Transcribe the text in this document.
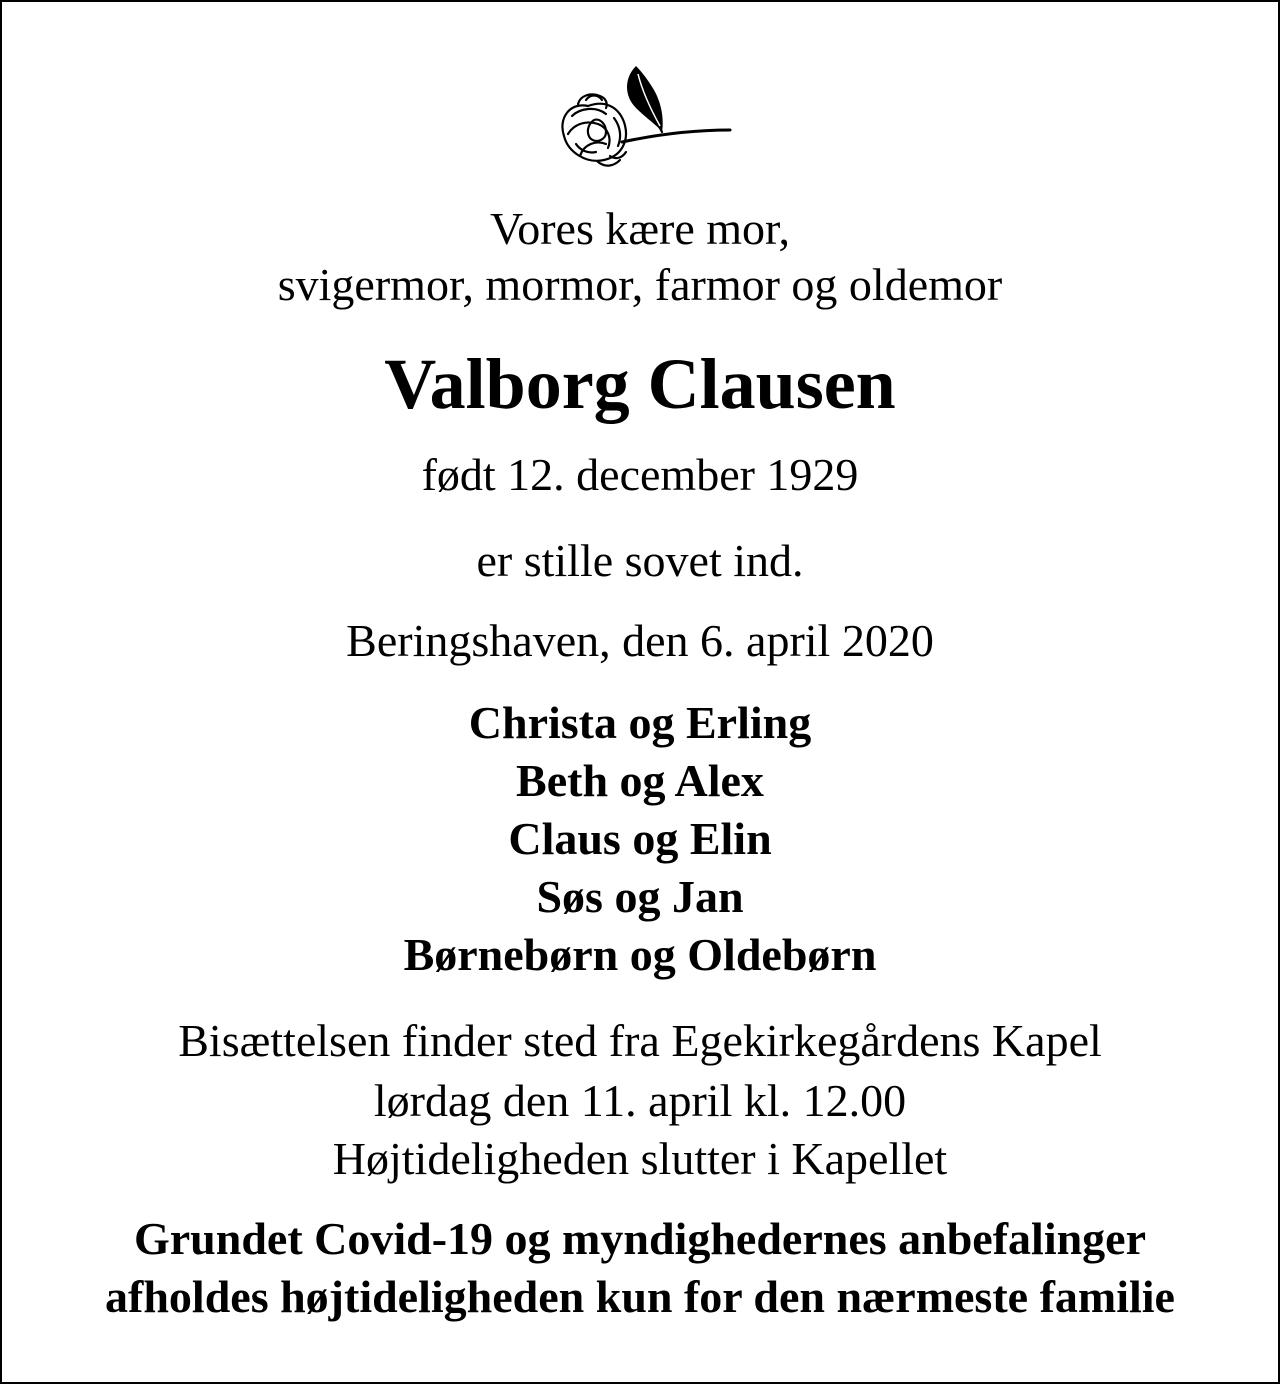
Vores kære mor,
svigermor, mormor, farmor og oldemor
Valborg Clausen
født 12. december 1929
er stille sovet ind.
Beringshaven, den 6. april 2020
Christa og Erling
Beth og Alex
Claus og Elin
Søs og Jan
Børnebørn og Oldebørn
Bisættelsen finder sted fra Egekirkegårdens Kapel
lørdag den 11. april kl. 12.00
Højtideligheden slutter i Kapellet
Grundet Covid-19 og myndighedernes anbefalinger
afholdes højtideligheden kun for den nærmeste familie
